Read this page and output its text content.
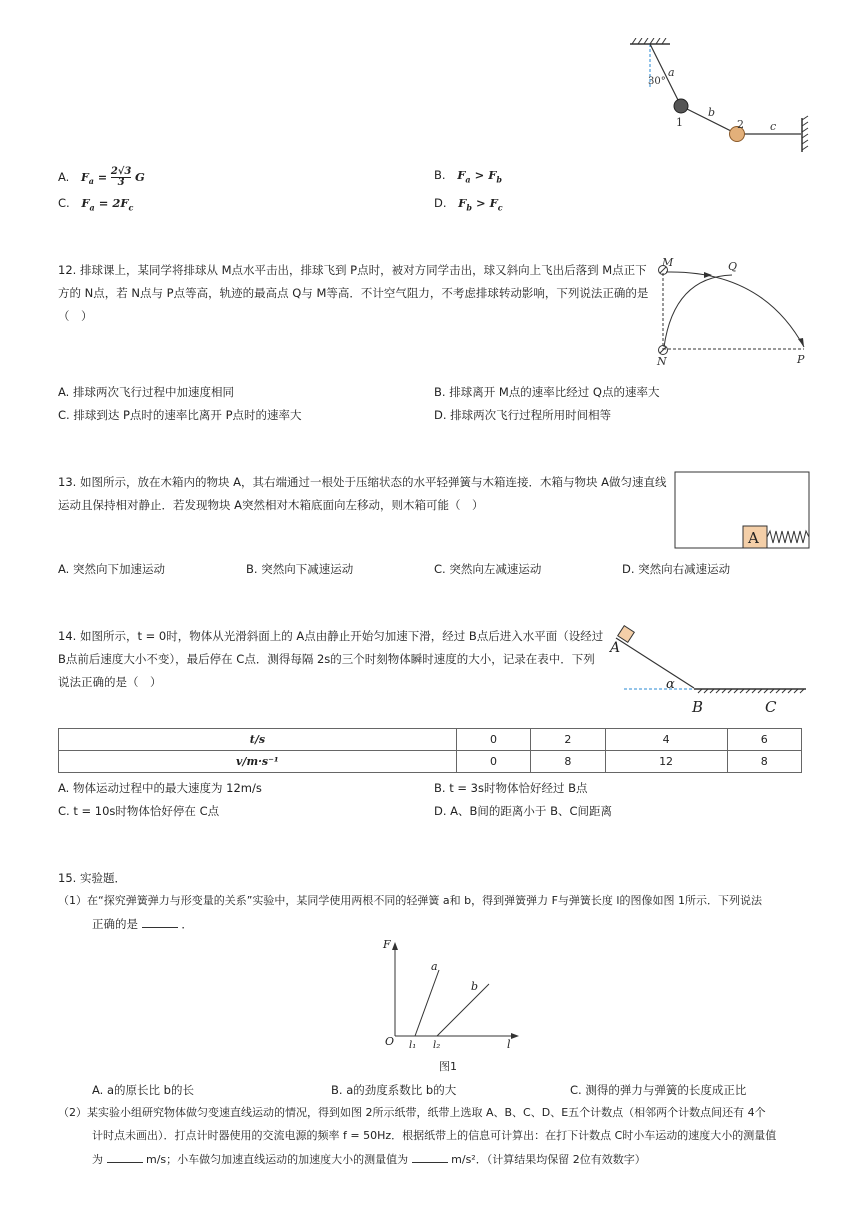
30°
a
1
b
2 c
A. $F_a = \frac{2√3}{3}$ G	B. $F_a > F_b$
C. $F_a = 2F_c$	D. $F_b > F_c$
12. 排球课上，某同学将排球从 M点水平击出，排球飞到 P点时，被对方同学击出，球又斜向上飞出后落到 M点正下
方的 N点，若 N点与 P点等高，轨迹的最高点 Q与 M等高．不计空气阻力，不考虑排球转动影响，下列说法正确的是
（　）
M	Q
N	P
A. 排球两次飞行过程中加速度相同	B. 排球离开 M点的速率比经过 Q点的速率大
C. 排球到达 P点时的速率比离开 P点时的速率大	D. 排球两次飞行过程所用时间相等
13. 如图所示，放在木箱内的物块 A，其右端通过一根处于压缩状态的水平轻弹簧与木箱连接．木箱与物块 A做匀速直线
运动且保持相对静止．若发现物块 A突然相对木箱底面向左移动，则木箱可能（　）
A
A. 突然向下加速运动	B. 突然向下减速运动	C. 突然向左减速运动	D. 突然向右减速运动
14. 如图所示，t = 0时，物体从光滑斜面上的 A点由静止开始匀加速下滑，经过 B点后进入水平面（设经过
B点前后速度大小不变），最后停在 C点．测得每隔 2s的三个时刻物体瞬时速度的大小，记录在表中．下列
说法正确的是（　）
A
α
B	C
t/s	0	2	4	6
v/m·s⁻¹	0	8	12	8
A. 物体运动过程中的最大速度为 12m/s	B. t = 3s时物体恰好经过 B点
C. t = 10s时物体恰好停在 C点	D. A、B间的距离小于 B、C间距离
15. 实验题．
（1）在“探究弹簧弹力与形变量的关系”实验中，某同学使用两根不同的轻弹簧 a和 b，得到弹簧弹力 F与弹簧长度 l的图像如图 1所示．下列说法
正确的是	．
F
a
b
O l₁ l₂	l
图1
A. a的原长比 b的长	B. a的劲度系数比 b的大	C. 测得的弹力与弹簧的长度成正比
（2）某实验小组研究物体做匀变速直线运动的情况，得到如图 2所示纸带，纸带上选取 A、B、C、D、E五个计数点（相邻两个计数点间还有 4个
计时点未画出）．打点计时器使用的交流电源的频率 f = 50Hz．根据纸带上的信息可计算出：在打下计数点 C时小车运动的速度大小的测量值
为	m/s；小车做匀加速直线运动的加速度大小的测量值为	m/s²．（计算结果均保留 2位有效数字）
